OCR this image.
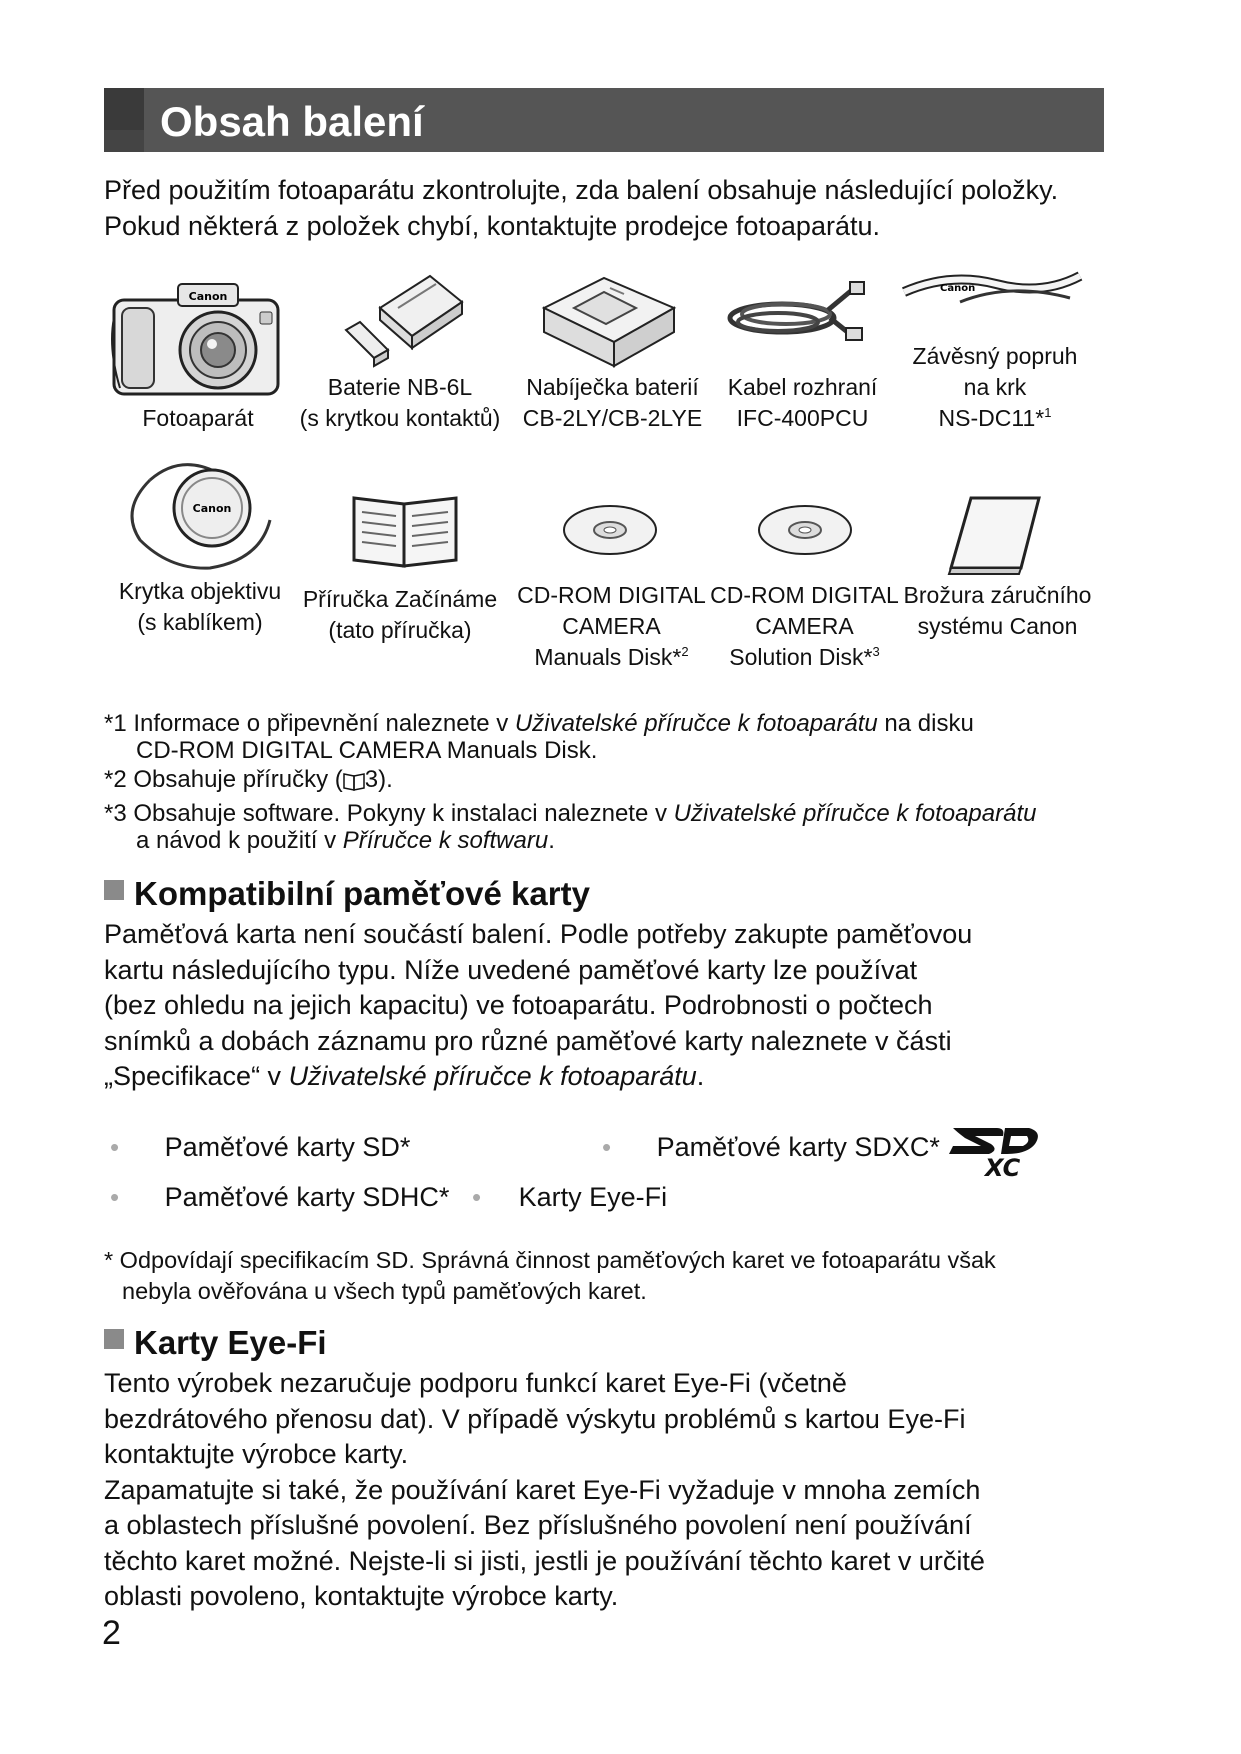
Obsah balení
Před použitím fotoaparátu zkontrolujte, zda balení obsahuje následující položky.
Pokud některá z položek chybí, kontaktujte prodejce fotoaparátu.
Canon
Canon
Fotoaparát
Baterie NB-6L
(s krytkou kontaktů)
Nabíječka baterií
CB-2LY/CB-2LYE
Kabel rozhraní
IFC-400PCU
Závěsný popruh
na krk
NS-DC11*$^1$
Canon
Krytka objektivu
(s kablíkem)
Příručka Začínáme
(tato příručka)
CD-ROM DIGITAL
CAMERA
Manuals Disk*$^2$
CD-ROM DIGITAL
CAMERA
Solution Disk*$^3$
Brožura záručního
systému Canon
*1 Informace o připevnění naleznete v Uživatelské příručce k fotoaparátu na disku
CD-ROM DIGITAL CAMERA Manuals Disk.
*2 Obsahuje příručky ( 3).
*3 Obsahuje software. Pokyny k instalaci naleznete v Uživatelské příručce k fotoaparátu
a návod k použití v Příručce k softwaru.
Kompatibilní paměťové karty
Paměťová karta není součástí balení. Podle potřeby zakupte paměťovou
kartu následujícího typu. Níže uvedené paměťové karty lze používat
(bez ohledu na jejich kapacitu) ve fotoaparátu. Podrobnosti o počtech
snímků a dobách záznamu pro různé paměťové karty naleznete v části
„Specifikace“ v Uživatelské příručce k fotoaparátu.
• Paměťové karty SD*	• Paměťové karty SDXC*
XC
• Paměťové karty SDHC* • Karty Eye-Fi
* Odpovídají specifikacím SD. Správná činnost paměťových karet ve fotoaparátu však
nebyla ověřována u všech typů paměťových karet.
Karty Eye-Fi
Tento výrobek nezaručuje podporu funkcí karet Eye-Fi (včetně
bezdrátového přenosu dat). V případě výskytu problémů s kartou Eye-Fi
kontaktujte výrobce karty.
Zapamatujte si také, že používání karet Eye-Fi vyžaduje v mnoha zemích
a oblastech příslušné povolení. Bez příslušného povolení není používání
těchto karet možné. Nejste-li si jisti, jestli je používání těchto karet v určité
oblasti povoleno, kontaktujte výrobce karty.
2
